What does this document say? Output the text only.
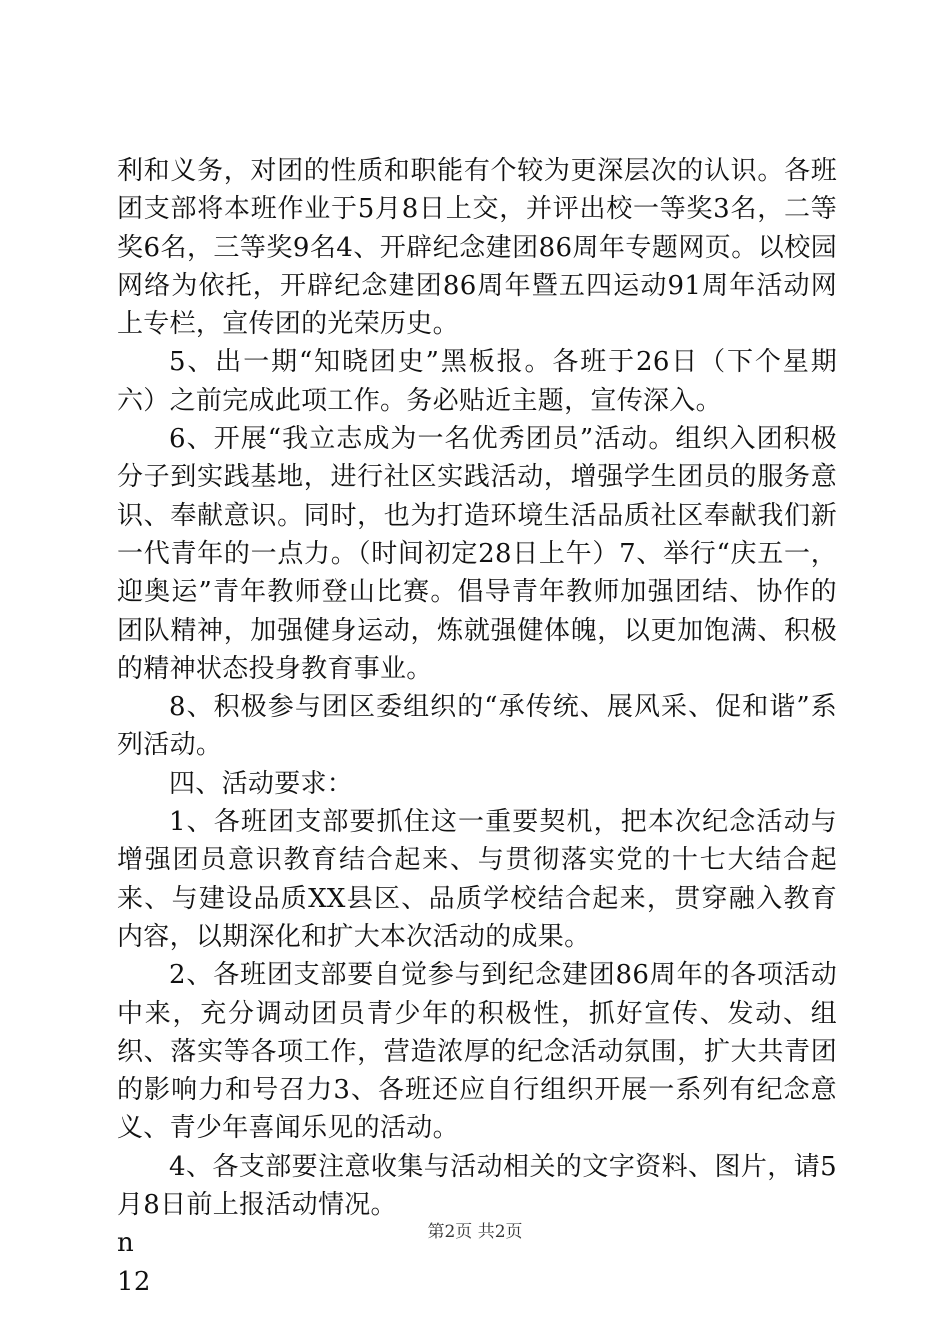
利和义务，对团的性质和职能有个较为更深层次的认识。各班团支部将本班作业于5月8日上交，并评出校一等奖3名，二等奖6名，三等奖9名4、开辟纪念建团86周年专题网页。以校园网络为依托，开辟纪念建团86周年暨五四运动91周年活动网上专栏，宣传团的光荣历史。

5、出一期“知晓团史”黑板报。各班于26日（下个星期六）之前完成此项工作。务必贴近主题，宣传深入。

6、开展“我立志成为一名优秀团员”活动。组织入团积极分子到实践基地，进行社区实践活动，增强学生团员的服务意识、奉献意识。同时，也为打造环境生活品质社区奉献我们新一代青年的一点力。（时间初定28日上午）7、举行“庆五一，迎奥运”青年教师登山比赛。倡导青年教师加强团结、协作的团队精神，加强健身运动，炼就强健体魄，以更加饱满、积极的精神状态投身教育事业。

8、积极参与团区委组织的“承传统、展风采、促和谐”系列活动。

四、活动要求：

1、各班团支部要抓住这一重要契机，把本次纪念活动与增强团员意识教育结合起来、与贯彻落实党的十七大结合起来、与建设品质XX县区、品质学校结合起来，贯穿融入教育内容，以期深化和扩大本次活动的成果。

2、各班团支部要自觉参与到纪念建团86周年的各项活动中来，充分调动团员青少年的积极性，抓好宣传、发动、组织、落实等各项工作，营造浓厚的纪念活动氛围，扩大共青团的影响力和号召力3、各班还应自行组织开展一系列有纪念意义、青少年喜闻乐见的活动。

4、各支部要注意收集与活动相关的文字资料、图片，请5月8日前上报活动情况。

n

12

第2页 共2页
